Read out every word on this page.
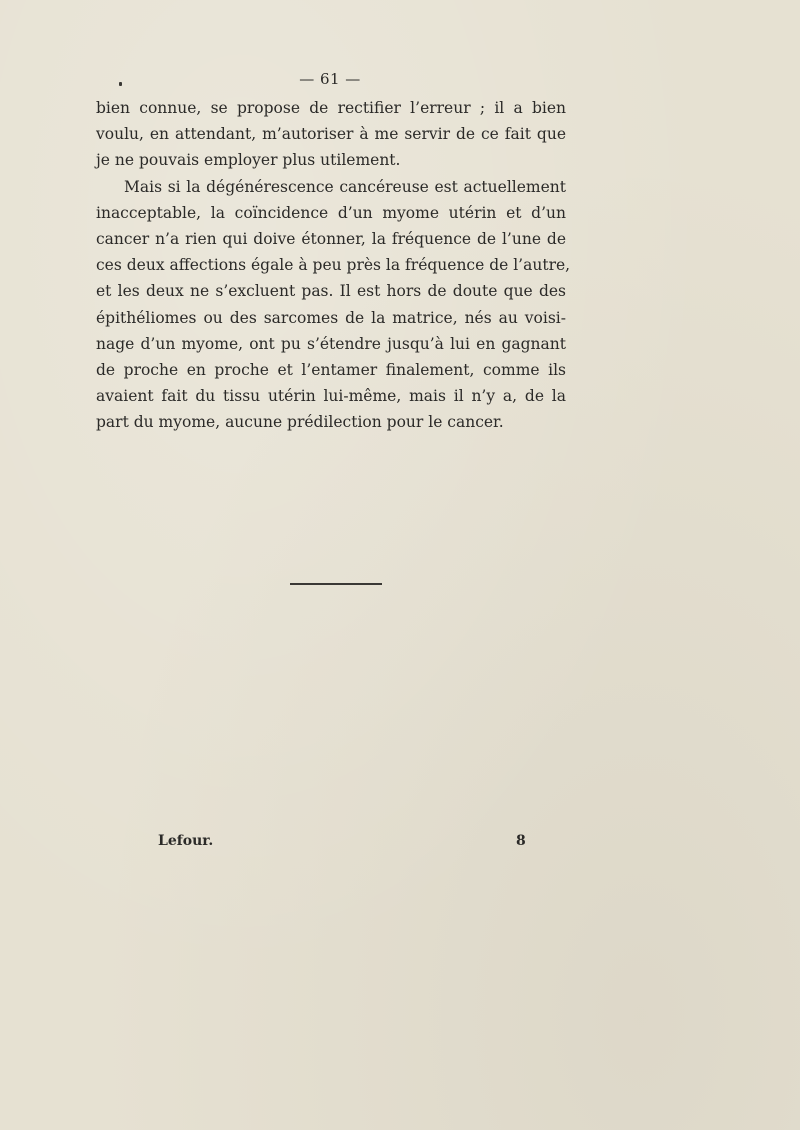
— 61 —
bien connue, se propose de rectifier l’erreur ; il a bien
voulu, en attendant, m’autoriser à me servir de ce fait que
je ne pouvais employer plus utilement.
Mais si la dégénérescence cancéreuse est actuellement
inacceptable, la coïncidence d’un myome utérin et d’un
cancer n’a rien qui doive étonner, la fréquence de l’une de
ces deux affections égale à peu près la fréquence de l’autre,
et les deux ne s’excluent pas. Il est hors de doute que des
épithéliomes ou des sarcomes de la matrice, nés au voisi-
nage d’un myome, ont pu s’étendre jusqu’à lui en gagnant
de proche en proche et l’entamer finalement, comme ils
avaient fait du tissu utérin lui-même, mais il n’y a, de la
part du myome, aucune prédilection pour le cancer.
Lefour.	8
